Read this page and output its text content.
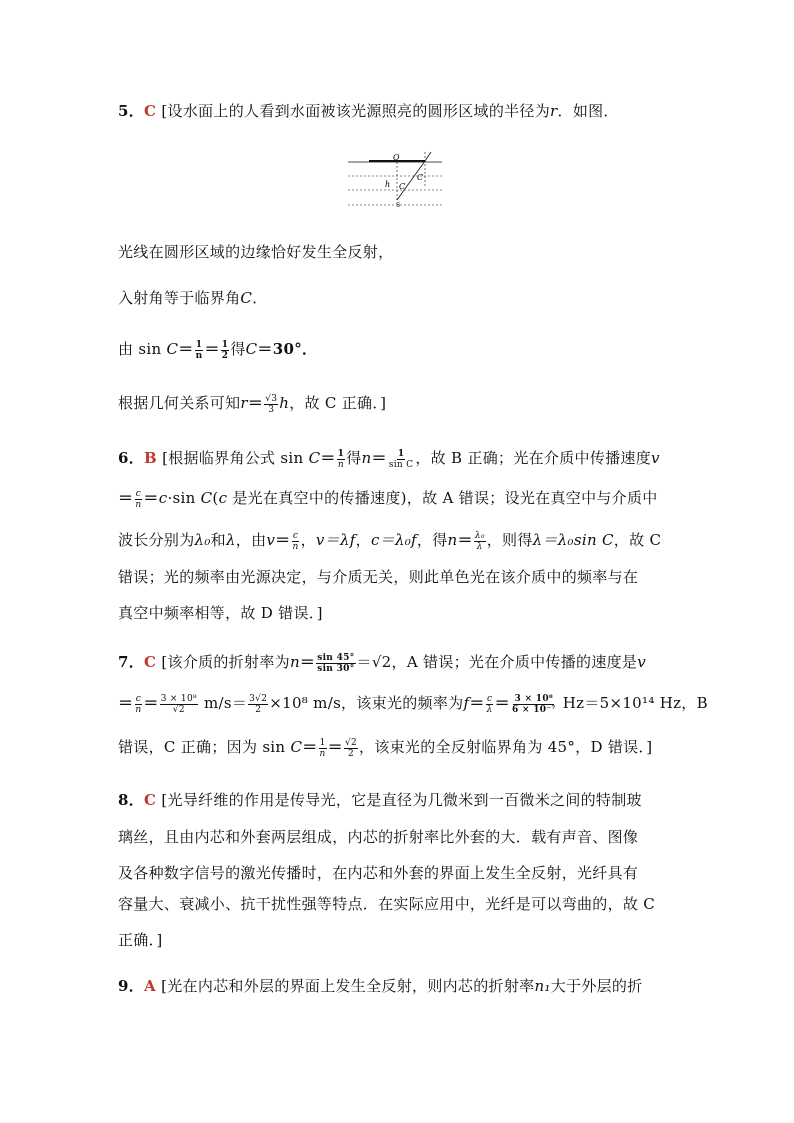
5．C [设水面上的人看到水面被该光源照亮的圆形区域的半径为r．如图．
O
C
h C
S
光线在圆形区域的边缘恰好发生全反射，
入射角等于临界角C．
由 $\sin C= \frac{1}{n} = \frac{1}{2}$ 得C＝30°．
根据几何关系可知$r= \frac{√3}{3}$ h，故 C 正确．]
6．B [根据临界角公式 $\sin C= \frac{1}{n}$ 得$n= \frac{1}{\text{sin C}}$ ，故 B 正确；光在介质中传播速度v
＝ $\frac{c}{n} =c\cdot\sin$ C(c 是光在真空中的传播速度)，故 A 错误；设光在真空中与介质中
波长分别为λ₀和λ，由$v= \frac{c}{n}$ ，v＝λf，c＝λ₀f，得$n= \frac{\text{λ₀}}{\lambda}$ ，则得λ＝λ₀sin C，故 C
错误；光的频率由光源决定，与介质无关，则此单色光在该介质中的频率与在
真空中频率相等，故 D 错误．]
7．C [该介质的折射率为$n= \frac{\sin 45^\circ}{\sin 30^\circ} =√2$，A 错误；光在介质中传播的速度是v
＝ $\frac{c}{n} = \frac{\text{3 × 10⁸}}{√2} m/s= \frac{3√2}{2} \times 10^8$ m/s，该束光的频率为$f= \frac{c}{\lambda} = \frac{\text{3 × 10⁸}}{\text{6 × 10⁻⁷}} Hz=5\times 10^{14}$ Hz，B
错误，C 正确；因为 $\sin C= \frac{1}{n} = \frac{√2}{2}$ ，该束光的全反射临界角为 45°，D 错误．]
8．C [光导纤维的作用是传导光，它是直径为几微米到一百微米之间的特制玻
璃丝，且由内芯和外套两层组成，内芯的折射率比外套的大．载有声音、图像
及各种数字信号的激光传播时，在内芯和外套的界面上发生全反射，光纤具有
容量大、衰减小、抗干扰性强等特点．在实际应用中，光纤是可以弯曲的，故 C
正确．]
9．A [光在内芯和外层的界面上发生全反射，则内芯的折射率n₁大于外层的折
